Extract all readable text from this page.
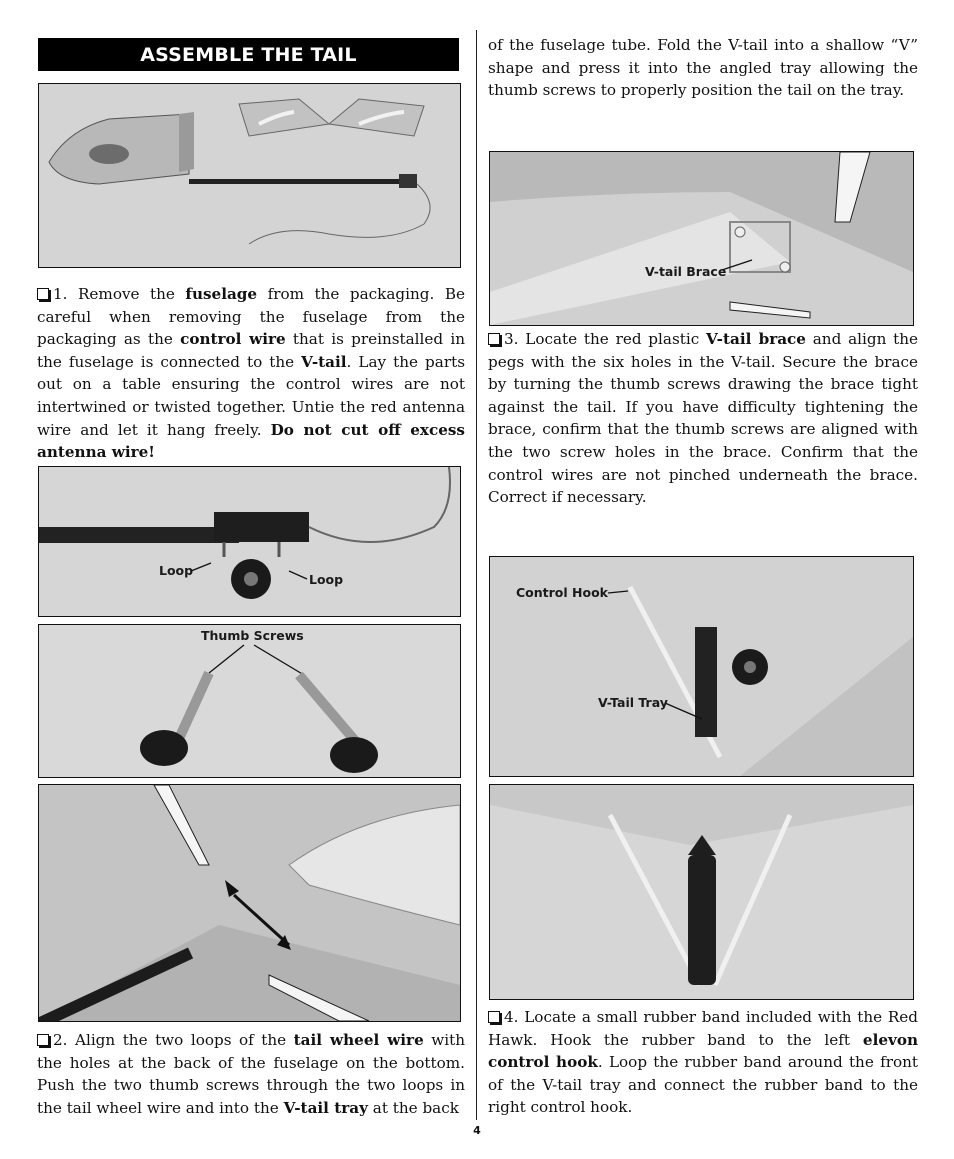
ASSEMBLE THE TAIL

1. Remove the fuselage from the packaging. Be careful when removing the fuselage from the packaging as the control wire that is preinstalled in the fuselage is connected to the V-tail. Lay the parts out on a table ensuring the control wires are not intertwined or twisted together. Untie the red antenna wire and let it hang freely. Do not cut off excess antenna wire!

Loop
Loop
Thumb Screws

2. Align the two loops of the tail wheel wire with the holes at the back of the fuselage on the bottom. Push the two thumb screws through the two loops in the tail wheel wire and into the V-tail tray at the back

of the fuselage tube. Fold the V-tail into a shallow “V” shape and press it into the angled tray allowing the thumb screws to properly position the tail on the tray.

V-tail Brace

3. Locate the red plastic V-tail brace and align the pegs with the six holes in the V-tail. Secure the brace by turning the thumb screws drawing the brace tight against the tail. If you have difficulty tightening the brace, confirm that the thumb screws are aligned with the two screw holes in the brace. Confirm that the control wires are not pinched underneath the brace. Correct if necessary.

Control Hook
V-Tail Tray

4. Locate a small rubber band included with the Red Hawk. Hook the rubber band to the left elevon control hook. Loop the rubber band around the front of the V-tail tray and connect the rubber band to the right control hook.

4
